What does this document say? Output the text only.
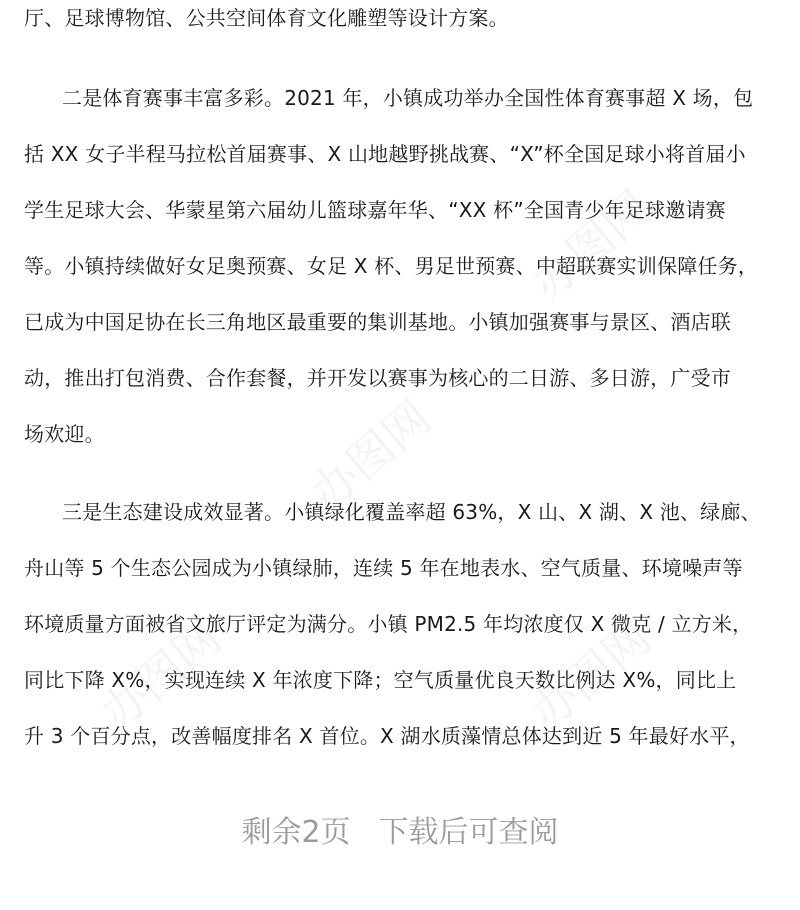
办图网
办图网
办图网	办图网
厅、足球博物馆、公共空间体育文化雕塑等设计方案。
二是体育赛事丰富多彩。2021 年，小镇成功举办全国性体育赛事超 X 场，包
括 XX 女子半程马拉松首届赛事、X 山地越野挑战赛、“X”杯全国足球小将首届小
学生足球大会、华蒙星第六届幼儿篮球嘉年华、“XX 杯”全国青少年足球邀请赛
等。小镇持续做好女足奥预赛、女足 X 杯、男足世预赛、中超联赛实训保障任务，
已成为中国足协在长三角地区最重要的集训基地。小镇加强赛事与景区、酒店联
动，推出打包消费、合作套餐，并开发以赛事为核心的二日游、多日游，广受市
场欢迎。
三是生态建设成效显著。小镇绿化覆盖率超 63%，X 山、X 湖、X 池、绿廊、
舟山等 5 个生态公园成为小镇绿肺，连续 5 年在地表水、空气质量、环境噪声等
环境质量方面被省文旅厅评定为满分。小镇 PM2.5 年均浓度仅 X 微克 / 立方米，
同比下降 X%，实现连续 X 年浓度下降；空气质量优良天数比例达 X%，同比上
升 3 个百分点，改善幅度排名 X 首位。X 湖水质藻情总体达到近 5 年最好水平，
剩余2页 下载后可查阅
